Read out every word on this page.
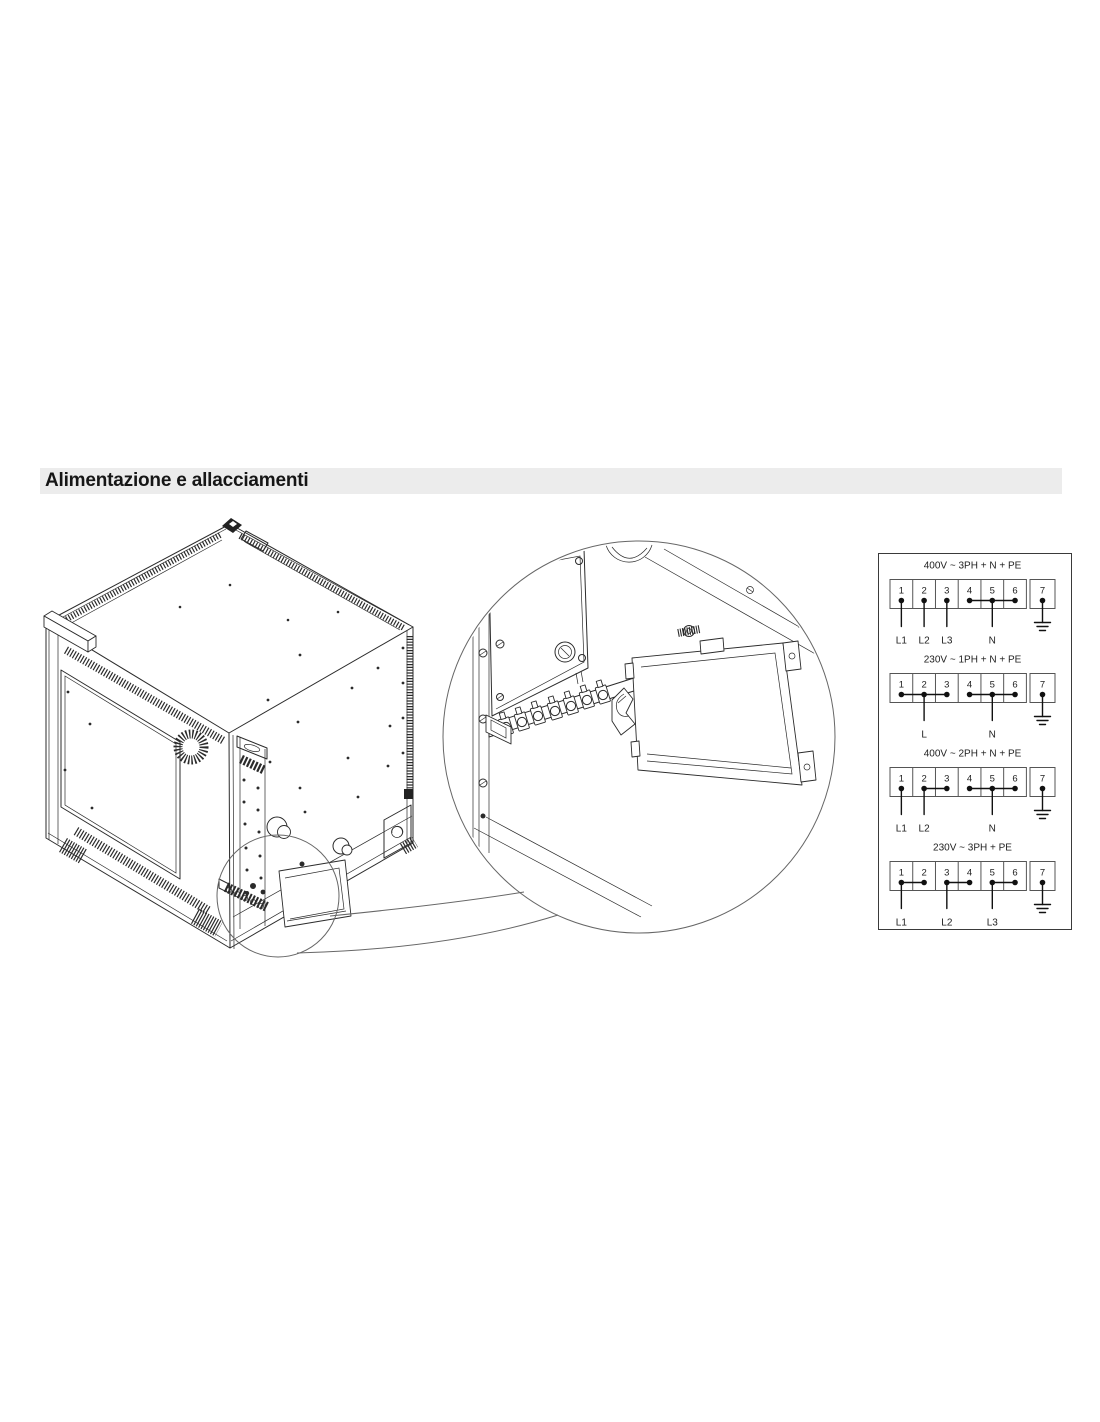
Alimentazione e allacciamenti
400V ~ 3PH + N + PE
1 2 3 4 5 6 7
L1 L2 L3	N
230V ~ 1PH + N + PE
1 2 3 4 5 6 7
L	N
400V ~ 2PH + N + PE
1 2 3 4 5 6 7
L1 L2	N
230V ~ 3PH + PE
1 2 3 4 5 6 7
L1	L2	L3
